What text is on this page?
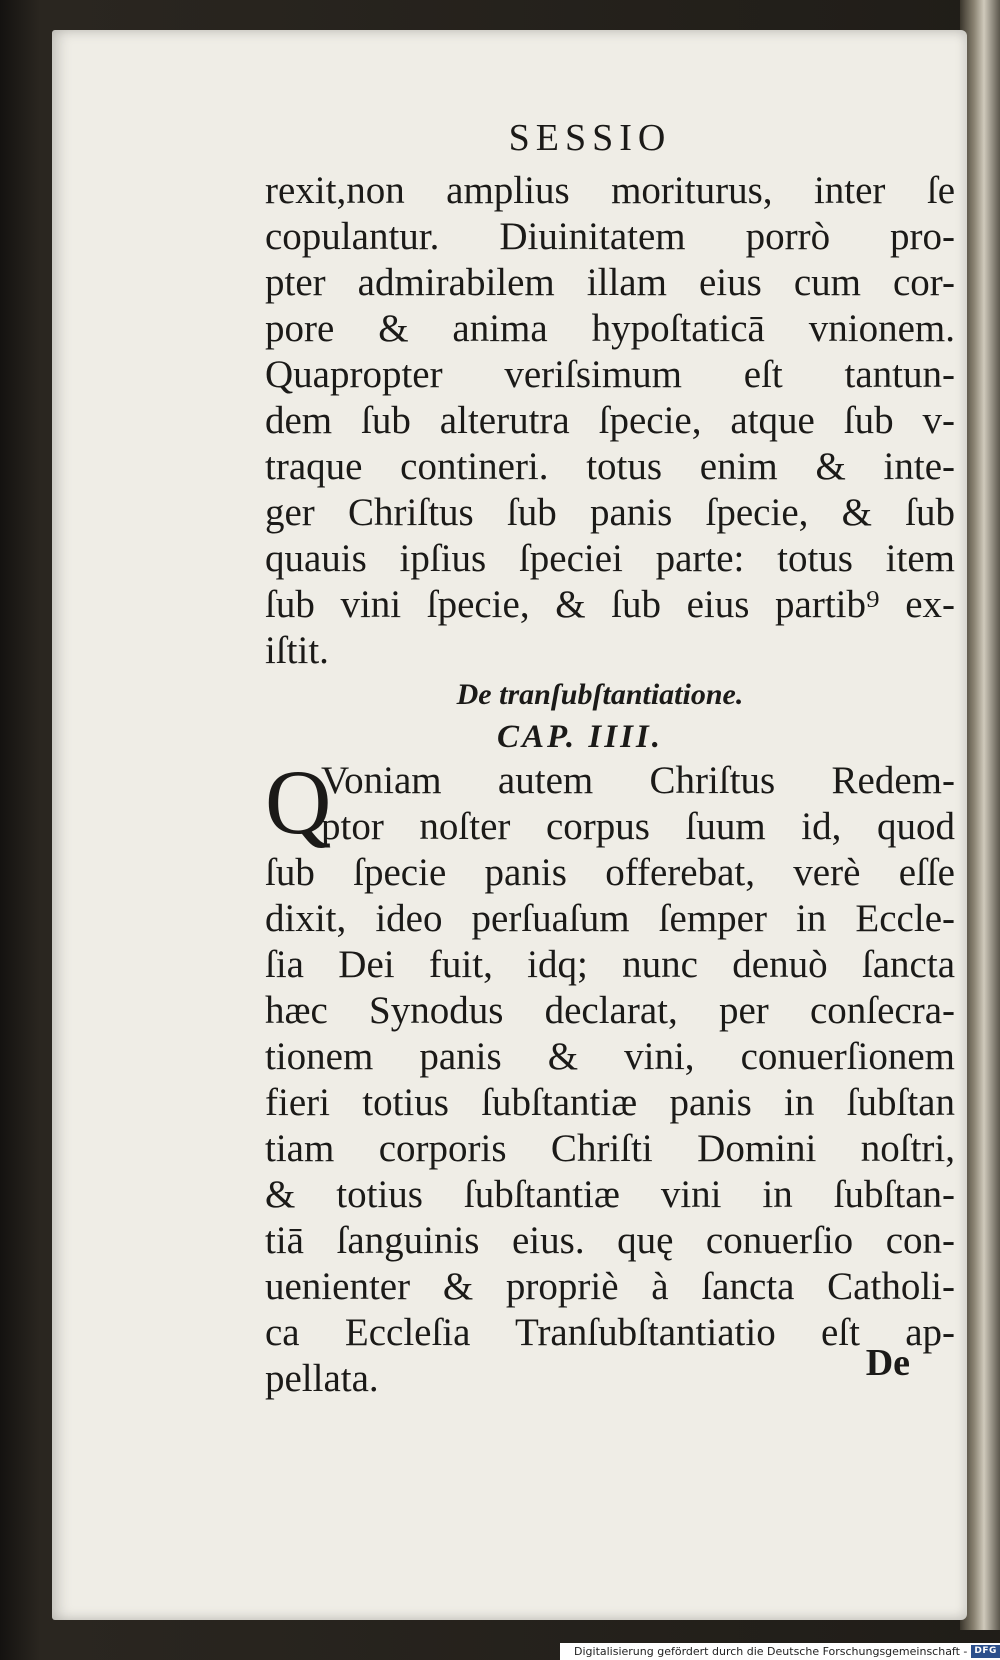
SESSIO
rexit,non amplius moriturus, inter ſe
copulantur. Diuinitatem porrò pro-
pter admirabilem illam eius cum cor-
pore & anima hypoſtaticā vnionem.
Quapropter veriſsimum eſt tantun-
dem ſub alterutra ſpecie, atque ſub v-
traque contineri. totus enim & inte-
ger Chriſtus ſub panis ſpecie, & ſub
quauis ipſius ſpeciei parte: totus item
ſub vini ſpecie, & ſub eius partib⁹ ex-
iſtit.
De tranſubſtantiatione.
CAP. IIII.
Q
Voniam autem Chriſtus Redem-
ptor noſter corpus ſuum id, quod
ſub ſpecie panis offerebat, verè eſſe
dixit, ideo perſuaſum ſemper in Eccle-
ſia Dei fuit, idq; nunc denuò ſancta
hæc Synodus declarat, per conſecra-
tionem panis & vini, conuerſionem
fieri totius ſubſtantiæ panis in ſubſtan
tiam corporis Chriſti Domini noſtri,
& totius ſubſtantiæ vini in ſubſtan-
tiā ſanguinis eius. quę conuerſio con-
uenienter & propriè à ſancta Catholi-
ca Eccleſia Tranſubſtantiatio eſt ap-
pellata.	De
Digitalisierung gefördert durch die Deutsche Forschungsgemeinschaft - DFG
